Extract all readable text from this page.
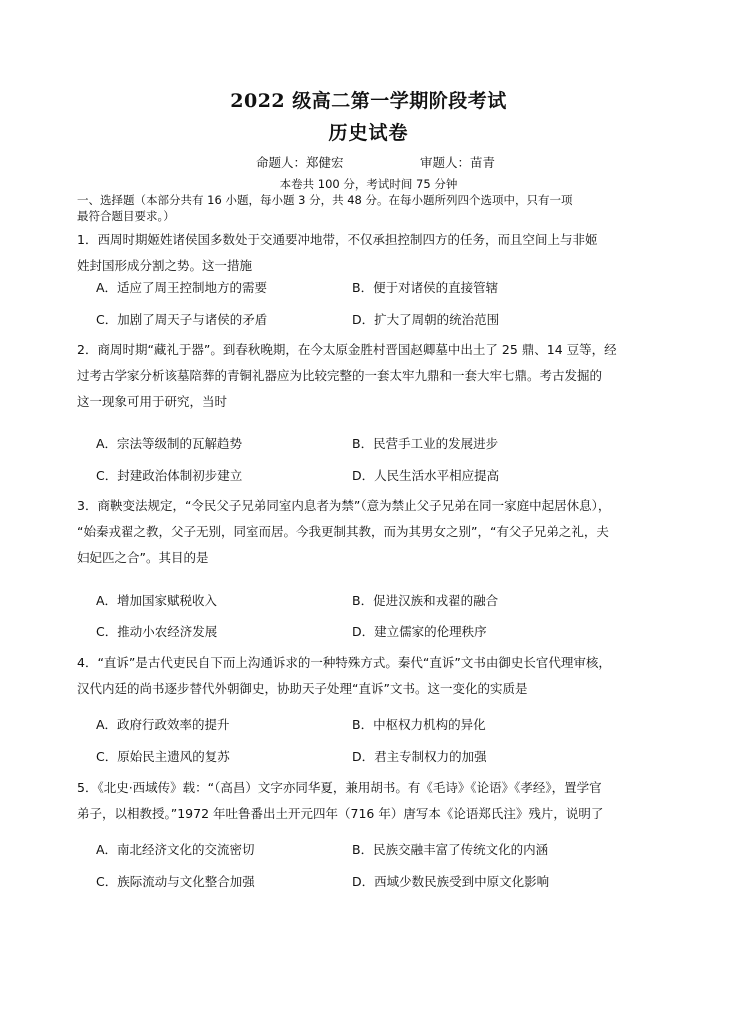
2022 级高二第一学期阶段考试
历史试卷
命题人：郑健宏	审题人：苗青
本卷共 100 分，考试时间 75 分钟
一、选择题（本部分共有 16 小题，每小题 3 分，共 48 分。在每小题所列四个选项中，只有一项
最符合题目要求。）
1．西周时期姬姓诸侯国多数处于交通要冲地带，不仅承担控制四方的任务，而且空间上与非姬
姓封国形成分割之势。这一措施
A．适应了周王控制地方的需要	B．便于对诸侯的直接管辖
C．加剧了周天子与诸侯的矛盾	D．扩大了周朝的统治范围
2．商周时期“藏礼于器”。到春秋晚期，在今太原金胜村晋国赵卿墓中出土了 25 鼎、14 豆等，经
过考古学家分析该墓陪葬的青铜礼器应为比较完整的一套太牢九鼎和一套大牢七鼎。考古发掘的
这一现象可用于研究，当时
A．宗法等级制的瓦解趋势	B．民营手工业的发展进步
C．封建政治体制初步建立	D．人民生活水平相应提高
3．商鞅变法规定，“令民父子兄弟同室内息者为禁”（意为禁止父子兄弟在同一家庭中起居休息），
“始秦戎翟之教，父子无别，同室而居。今我更制其教，而为其男女之别”，“有父子兄弟之礼，夫
妇妃匹之合”。其目的是
A．增加国家赋税收入	B．促进汉族和戎翟的融合
C．推动小农经济发展	D．建立儒家的伦理秩序
4．“直诉”是古代吏民自下而上沟通诉求的一种特殊方式。秦代“直诉”文书由御史长官代理审核，
汉代内廷的尚书逐步替代外朝御史，协助天子处理“直诉”文书。这一变化的实质是
A．政府行政效率的提升	B．中枢权力机构的异化
C．原始民主遗风的复苏	D．君主专制权力的加强
5．《北史·西域传》载：“（高昌）文字亦同华夏，兼用胡书。有《毛诗》《论语》《孝经》，置学官
弟子，以相教授。”1972 年吐鲁番出土开元四年（716 年）唐写本《论语郑氏注》残片，说明了
A．南北经济文化的交流密切	B．民族交融丰富了传统文化的内涵
C．族际流动与文化整合加强	D．西域少数民族受到中原文化影响
